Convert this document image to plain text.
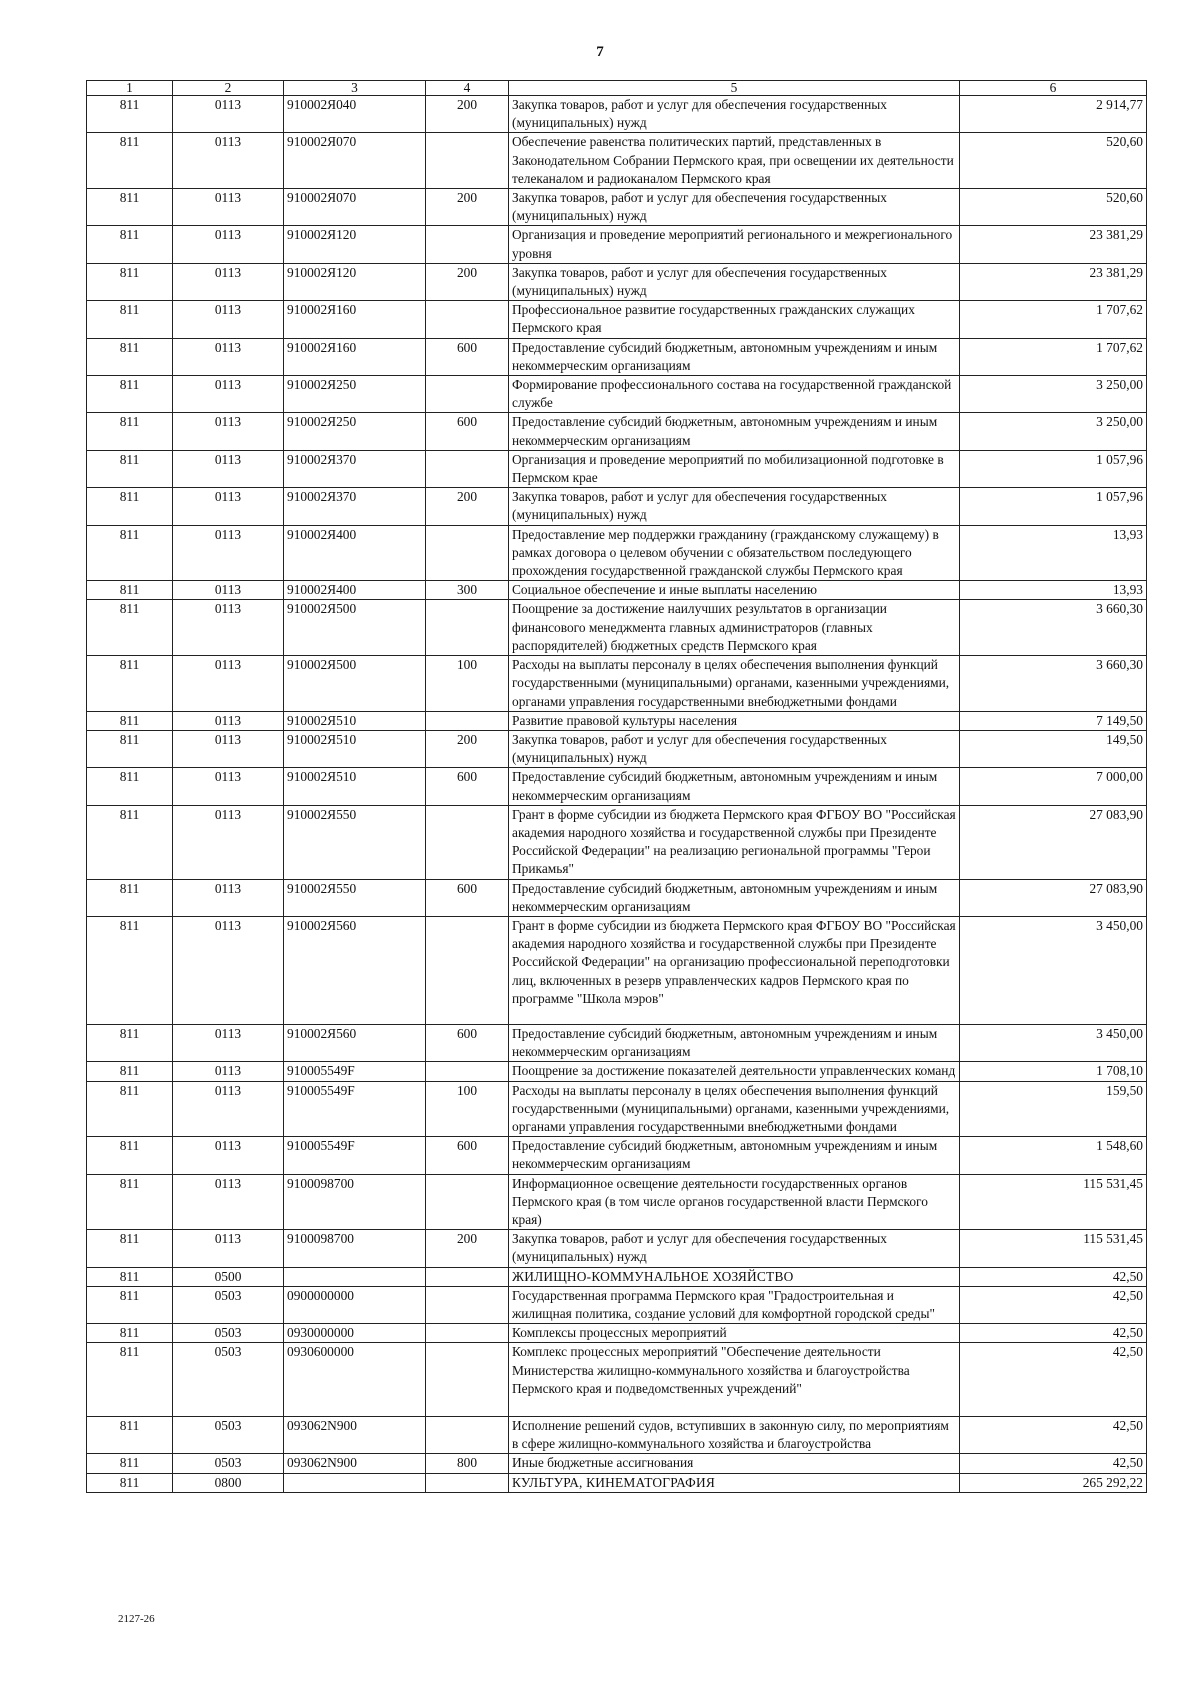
7
1	2	3	4	5	6
811	0113	910002Я040	200	Закупка товаров, работ и услуг для обеспечения государственных (муниципальных) нужд	2 914,77
811	0113	910002Я070		Обеспечение равенства политических партий, представленных в Законодательном Собрании Пермского края, при освещении их деятельности телеканалом и радиоканалом Пермского края	520,60
811	0113	910002Я070	200	Закупка товаров, работ и услуг для обеспечения государственных (муниципальных) нужд	520,60
811	0113	910002Я120		Организация и проведение мероприятий регионального и межрегионального уровня	23 381,29
811	0113	910002Я120	200	Закупка товаров, работ и услуг для обеспечения государственных (муниципальных) нужд	23 381,29
811	0113	910002Я160		Профессиональное развитие государственных гражданских служащих Пермского края	1 707,62
811	0113	910002Я160	600	Предоставление субсидий бюджетным, автономным учреждениям и иным некоммерческим организациям	1 707,62
811	0113	910002Я250		Формирование профессионального состава на государственной гражданской службе	3 250,00
811	0113	910002Я250	600	Предоставление субсидий бюджетным, автономным учреждениям и иным некоммерческим организациям	3 250,00
811	0113	910002Я370		Организация и проведение мероприятий по мобилизационной подготовке в Пермском крае	1 057,96
811	0113	910002Я370	200	Закупка товаров, работ и услуг для обеспечения государственных (муниципальных) нужд	1 057,96
811	0113	910002Я400		Предоставление мер поддержки гражданину (гражданскому служащему) в рамках договора о целевом обучении с обязательством последующего прохождения государственной гражданской службы Пермского края	13,93
811	0113	910002Я400	300	Социальное обеспечение и иные выплаты населению	13,93
811	0113	910002Я500		Поощрение за достижение наилучших результатов в организации финансового менеджмента главных администраторов (главных распорядителей) бюджетных средств Пермского края	3 660,30
811	0113	910002Я500	100	Расходы на выплаты персоналу в целях обеспечения выполнения функций государственными (муниципальными) органами, казенными учреждениями, органами управления государственными внебюджетными фондами	3 660,30
811	0113	910002Я510		Развитие правовой культуры населения	7 149,50
811	0113	910002Я510	200	Закупка товаров, работ и услуг для обеспечения государственных (муниципальных) нужд	149,50
811	0113	910002Я510	600	Предоставление субсидий бюджетным, автономным учреждениям и иным некоммерческим организациям	7 000,00
811	0113	910002Я550		Грант в форме субсидии из бюджета Пермского края ФГБОУ ВО "Российская академия народного хозяйства и государственной службы при Президенте Российской Федерации" на реализацию региональной программы "Герои Прикамья"	27 083,90
811	0113	910002Я550	600	Предоставление субсидий бюджетным, автономным учреждениям и иным некоммерческим организациям	27 083,90
811	0113	910002Я560		Грант в форме субсидии из бюджета Пермского края ФГБОУ ВО "Российская академия народного хозяйства и государственной службы при Президенте Российской Федерации" на организацию профессиональной переподготовки лиц, включенных в резерв управленческих кадров Пермского края по программе "Школа мэров"	3 450,00
811	0113	910002Я560	600	Предоставление субсидий бюджетным, автономным учреждениям и иным некоммерческим организациям	3 450,00
811	0113	910005549F		Поощрение за достижение показателей деятельности управленческих команд	1 708,10
811	0113	910005549F	100	Расходы на выплаты персоналу в целях обеспечения выполнения функций государственными (муниципальными) органами, казенными учреждениями, органами управления государственными внебюджетными фондами	159,50
811	0113	910005549F	600	Предоставление субсидий бюджетным, автономным учреждениям и иным некоммерческим организациям	1 548,60
811	0113	9100098700		Информационное освещение деятельности государственных органов Пермского края (в том числе органов государственной власти Пермского края)	115 531,45
811	0113	9100098700	200	Закупка товаров, работ и услуг для обеспечения государственных (муниципальных) нужд	115 531,45
811	0500			ЖИЛИЩНО-КОММУНАЛЬНОЕ ХОЗЯЙСТВО	42,50
811	0503	0900000000		Государственная программа Пермского края "Градостроительная и жилищная политика, создание условий для комфортной городской среды"	42,50
811	0503	0930000000		Комплексы процессных мероприятий	42,50
811	0503	0930600000		Комплекс процессных мероприятий "Обеспечение деятельности Министерства жилищно-коммунального хозяйства и благоустройства Пермского края и подведомственных учреждений"	42,50
811	0503	093062N900		Исполнение решений судов, вступивших в законную силу, по мероприятиям в сфере жилищно-коммунального хозяйства и благоустройства	42,50
811	0503	093062N900	800	Иные бюджетные ассигнования	42,50
811	0800			КУЛЬТУРА, КИНЕМАТОГРАФИЯ	265 292,22
2127-26
